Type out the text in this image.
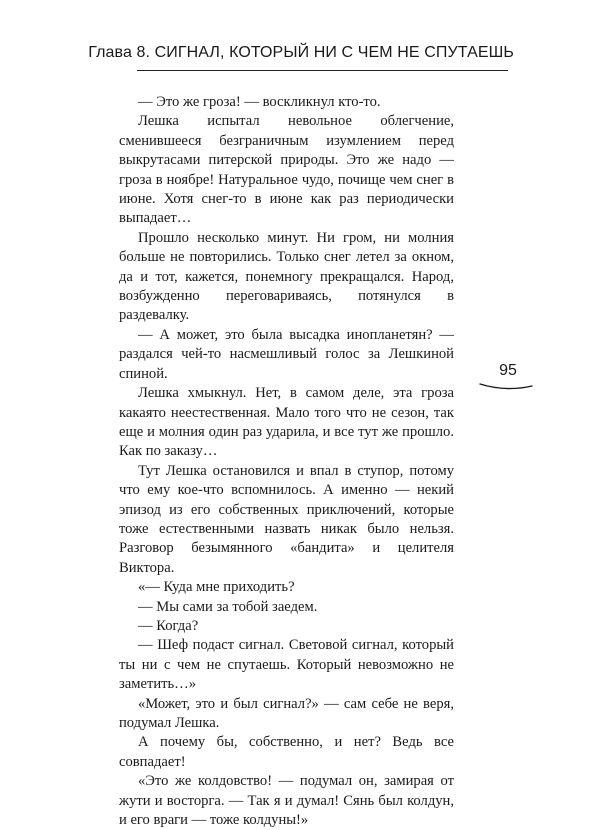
Глава 8. СИГНАЛ, КОТОРЫЙ НИ С ЧЕМ НЕ СПУТАЕШЬ

— Это же гроза! — воскликнул кто-то.

Лешка испытал невольное облегчение, сменившееся безграничным изумлением перед выкрутасами питерской природы. Это же надо — гроза в ноябре! Натуральное чудо, почище чем снег в июне. Хотя снег-то в июне как раз периодически выпадает…

Прошло несколько минут. Ни гром, ни молния больше не повторились. Только снег летел за окном, да и тот, кажется, понемногу прекращался. Народ, возбужденно переговариваясь, потянулся в раздевалку.

— А может, это была высадка инопланетян? — раздался чей-то насмешливый голос за Лешкиной спиной.

Лешка хмыкнул. Нет, в самом деле, эта гроза какаято неестественная. Мало того что не сезон, так еще и молния один раз ударила, и все тут же прошло. Как по заказу…

Тут Лешка остановился и впал в ступор, потому что ему кое-что вспомнилось. А именно — некий эпизод из его собственных приключений, которые тоже естественными назвать никак было нельзя. Разговор безымянного «бандита» и целителя Виктора.

«— Куда мне приходить?

— Мы сами за тобой заедем.

— Когда?

— Шеф подаст сигнал. Световой сигнал, который ты ни с чем не спутаешь. Который невозможно не заметить…»

«Может, это и был сигнал?» — сам себе не веря, подумал Лешка.

А почему бы, собственно, и нет? Ведь все совпадает!

«Это же колдовство! — подумал он, замирая от жути и восторга. — Так я и думал! Сянь был колдун, и его враги — тоже колдуны!»

95
